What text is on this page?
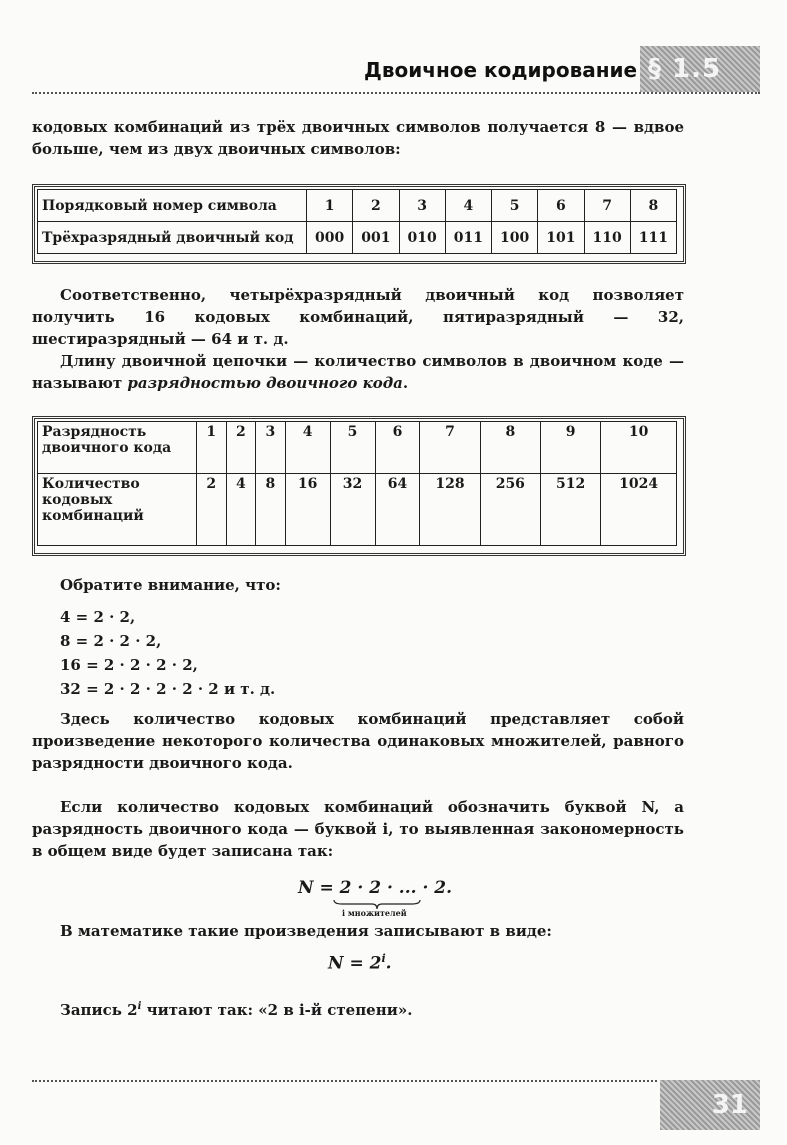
Двоичное кодирование § 1.5
кодовых комбинаций из трёх двоичных символов получается 8 — вдвое больше, чем из двух двоичных символов:
Порядковый номер символа	1	2	3	4	5	6	7	8
Трёхразрядный двоичный код	000	001	010	011	100	101	110	111
Соответственно, четырёхразрядный двоичный код позволяет получить 16 кодовых комбинаций, пятиразрядный — 32, шестиразрядный — 64 и т. д.
Длину двоичной цепочки — количество символов в двоичном коде — называют разрядностью двоичного кода.
Разрядность двоичного кода	1	2	3	4	5	6	7	8	9	10
Количество кодовых комбинаций	2	4	8	16	32	64	128	256	512	1024
Обратите внимание, что:
4 = 2 · 2,
8 = 2 · 2 · 2,
16 = 2 · 2 · 2 · 2,
32 = 2 · 2 · 2 · 2 · 2 и т. д.
Здесь количество кодовых комбинаций представляет собой произведение некоторого количества одинаковых множителей, равного разрядности двоичного кода.
Если количество кодовых комбинаций обозначить буквой N, а разрядность двоичного кода — буквой i, то выявленная закономерность в общем виде будет записана так:
N = 2 · 2 · ... · 2.
i множителей
В математике такие произведения записывают в виде:
$N = 2^i$.
Запись 2$^i$ читают так: «2 в i-й степени».
31
